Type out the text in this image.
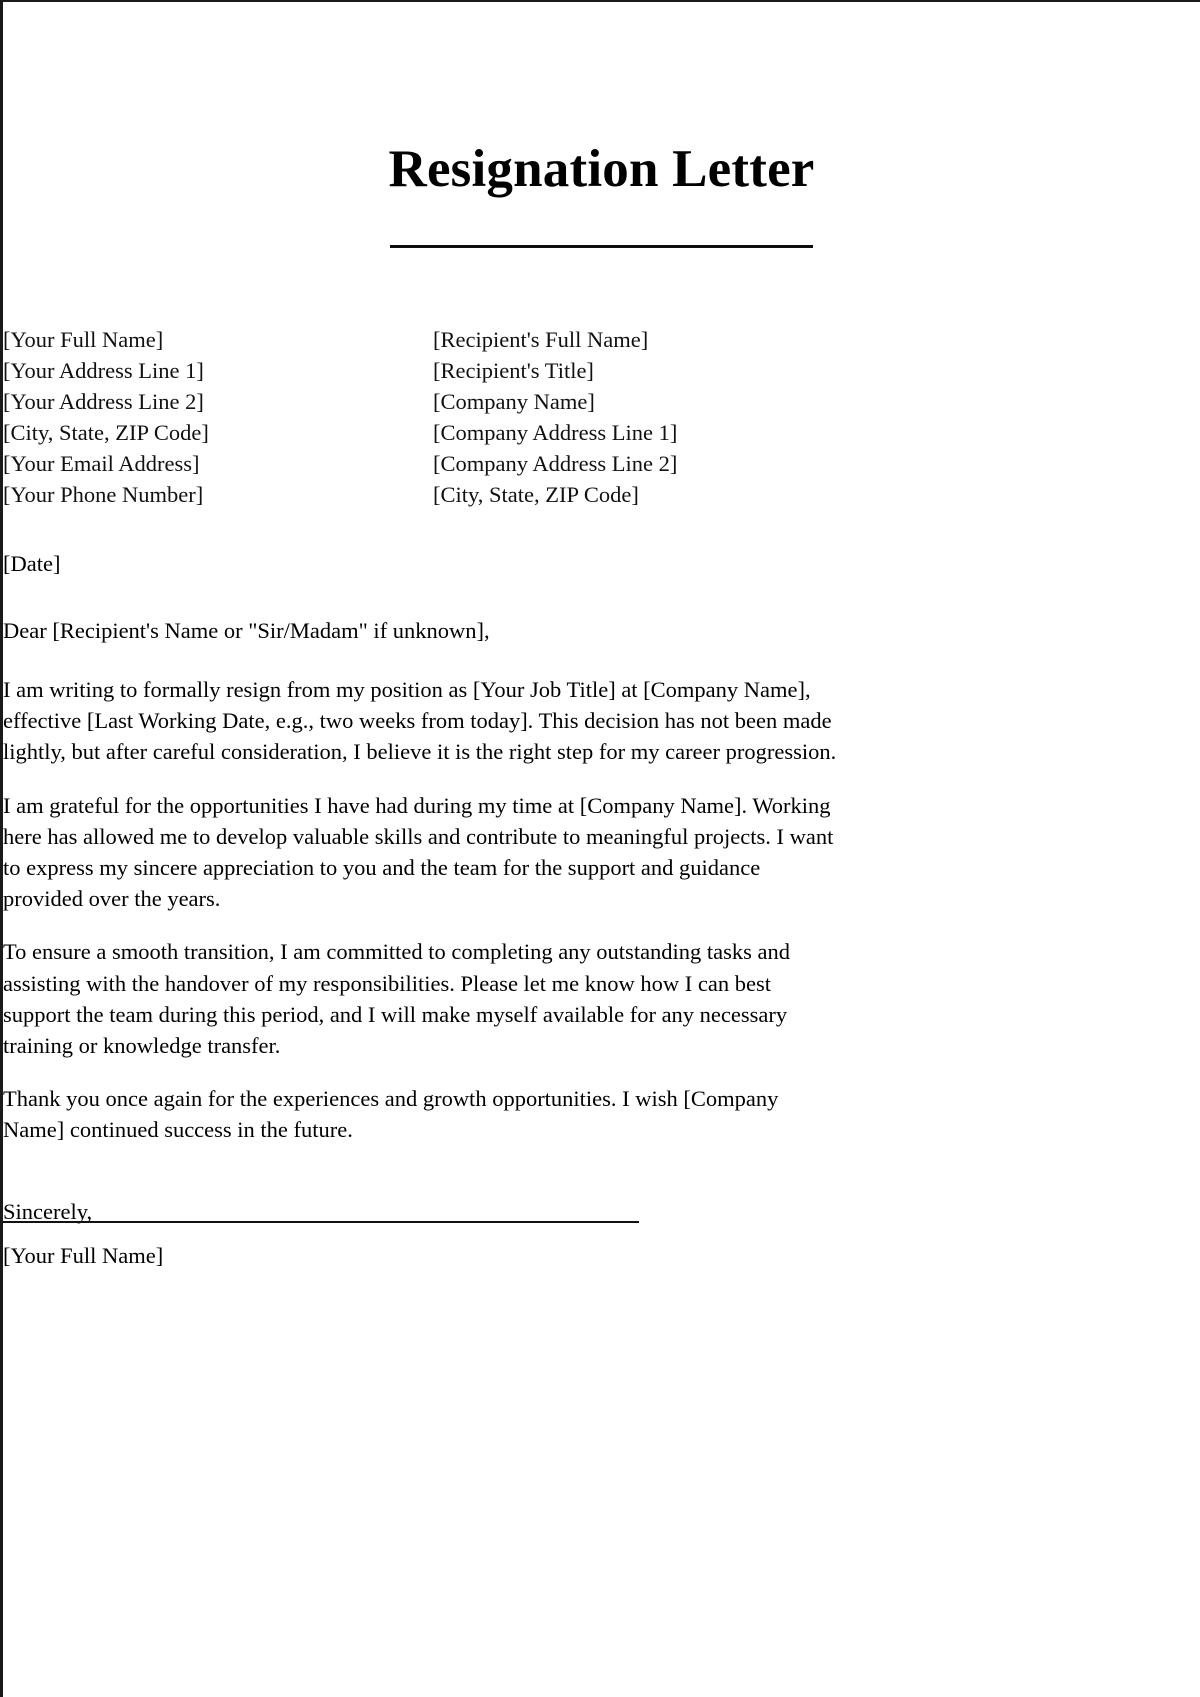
Resignation Letter
[Your Full Name]
[Your Address Line 1]
[Your Address Line 2]
[City, State, ZIP Code]
[Your Email Address]
[Your Phone Number]
[Recipient's Full Name]
[Recipient's Title]
[Company Name]
[Company Address Line 1]
[Company Address Line 2]
[City, State, ZIP Code]
[Date]
Dear [Recipient's Name or "Sir/Madam" if unknown],

I am writing to formally resign from my position as [Your Job Title] at [Company Name], effective [Last Working Date, e.g., two weeks from today]. This decision has not been made lightly, but after careful consideration, I believe it is the right step for my career progression.

I am grateful for the opportunities I have had during my time at [Company Name]. Working here has allowed me to develop valuable skills and contribute to meaningful projects. I want to express my sincere appreciation to you and the team for the support and guidance provided over the years.

To ensure a smooth transition, I am committed to completing any outstanding tasks and assisting with the handover of my responsibilities. Please let me know how I can best support the team during this period, and I will make myself available for any necessary training or knowledge transfer.

Thank you once again for the experiences and growth opportunities. I wish [Company Name] continued success in the future.

Sincerely,
[Your Full Name]
